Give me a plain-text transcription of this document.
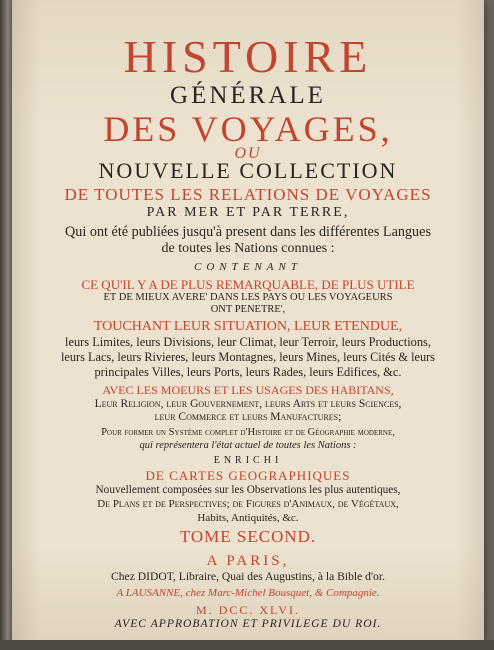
HISTOIRE
GÉNÉRALE
DES VOYAGES,
OU
NOUVELLE COLLECTION
DE TOUTES LES RELATIONS DE VOYAGES
PAR MER ET PAR TERRE,
Qui ont été publiées jusqu'à present dans les différentes Langues
de toutes les Nations connues :
CONTENANT
CE QU'IL Y A DE PLUS REMARQUABLE, DE PLUS UTILE
ET DE MIEUX AVERE' DANS LES PAYS OU LES VOYAGEURS
ONT PENETRE',
TOUCHANT LEUR SITUATION, LEUR ETENDUE,
leurs Limites, leurs Divisions, leur Climat, leur Terroir, leurs Productions,
leurs Lacs, leurs Rivieres, leurs Montagnes, leurs Mines, leurs Cités & leurs
principales Villes, leurs Ports, leurs Rades, leurs Edifices, &c.
AVEC LES MOEURS ET LES USAGES DES HABITANS,
Leur Religion, leur Gouvernement, leurs Arts et leurs Sciences,
leur Commerce et leurs Manufactures;
Pour former un Système complet d'Histoire et de Géographie moderne,
qui représentera l'état actuel de toutes les Nations :
ENRICHI
DE CARTES GEOGRAPHIQUES
Nouvellement composées sur les Observations les plus autentiques,
De Plans et de Perspectives; de Figures d'Animaux, de Végétaux,
Habits, Antiquités, &c.
TOME SECOND.
A PARIS,
Chez DIDOT, Libraire, Quai des Augustins, à la Bible d'or.
A LAUSANNE, chez Marc-Michel Bousquet, & Compagnie.
M. DCC. XLVI.
AVEC APPROBATION ET PRIVILEGE DU ROI.
